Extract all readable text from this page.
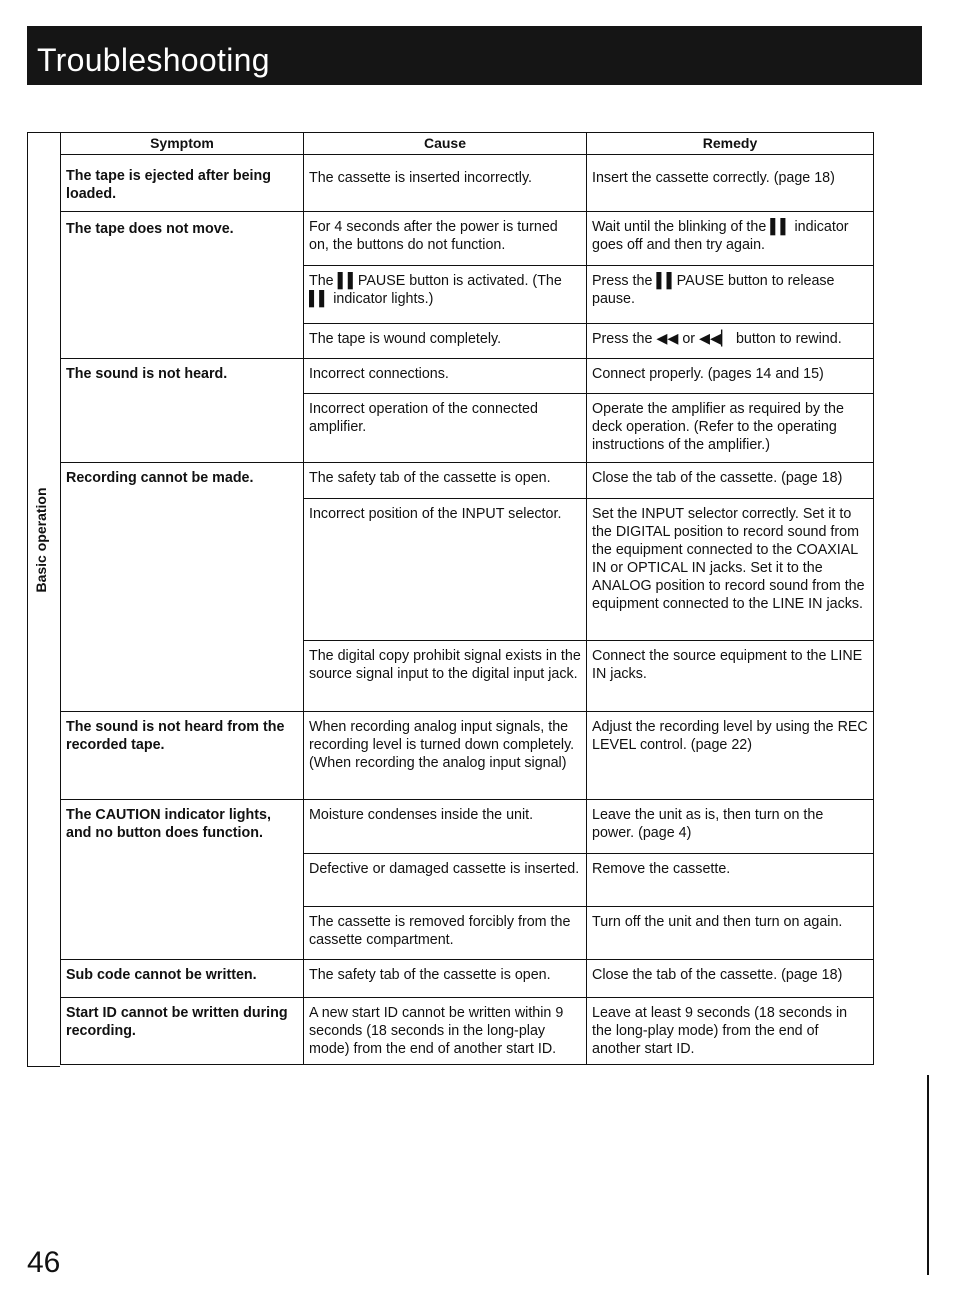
Troubleshooting
Basic operation
Symptom	Cause	Remedy
The tape is ejected after being loaded.	The cassette is inserted incorrectly.	Insert the cassette correctly. (page 18)
The tape does not move.	For 4 seconds after the power is turned on, the buttons do not function.	Wait until the blinking of the ▌▌ indicator goes off and then try again.
	The ▌▌PAUSE button is activated. (The ▌▌ indicator lights.)	Press the ▌▌PAUSE button to release pause.
	The tape is wound completely.	Press the ◀◀ or ◀◀▏ button to rewind.
The sound is not heard.	Incorrect connections.	Connect properly. (pages 14 and 15)
	Incorrect operation of the connected amplifier.	Operate the amplifier as required by the deck operation. (Refer to the operating instructions of the amplifier.)
Recording cannot be made.	The safety tab of the cassette is open.	Close the tab of the cassette. (page 18)
	Incorrect position of the INPUT selector.	Set the INPUT selector correctly. Set it to the DIGITAL position to record sound from the equipment connected to the COAXIAL IN or OPTICAL IN jacks. Set it to the ANALOG position to record sound from the equipment connected to the LINE IN jacks.
	The digital copy prohibit signal exists in the source signal input to the digital input jack.	Connect the source equipment to the LINE IN jacks.
The sound is not heard from the recorded tape.	When recording analog input signals, the recording level is turned down completely. (When recording the analog input signal)	Adjust the recording level by using the REC LEVEL control. (page 22)
The CAUTION indicator lights, and no button does function.	Moisture condenses inside the unit.	Leave the unit as is, then turn on the power. (page 4)
	Defective or damaged cassette is inserted.	Remove the cassette.
	The cassette is removed forcibly from the cassette compartment.	Turn off the unit and then turn on again.
Sub code cannot be written.	The safety tab of the cassette is open.	Close the tab of the cassette. (page 18)
Start ID cannot be written during recording.	A new start ID cannot be written within 9 seconds (18 seconds in the long-play mode) from the end of another start ID.	Leave at least 9 seconds (18 seconds in the long-play mode) from the end of another start ID.
46
